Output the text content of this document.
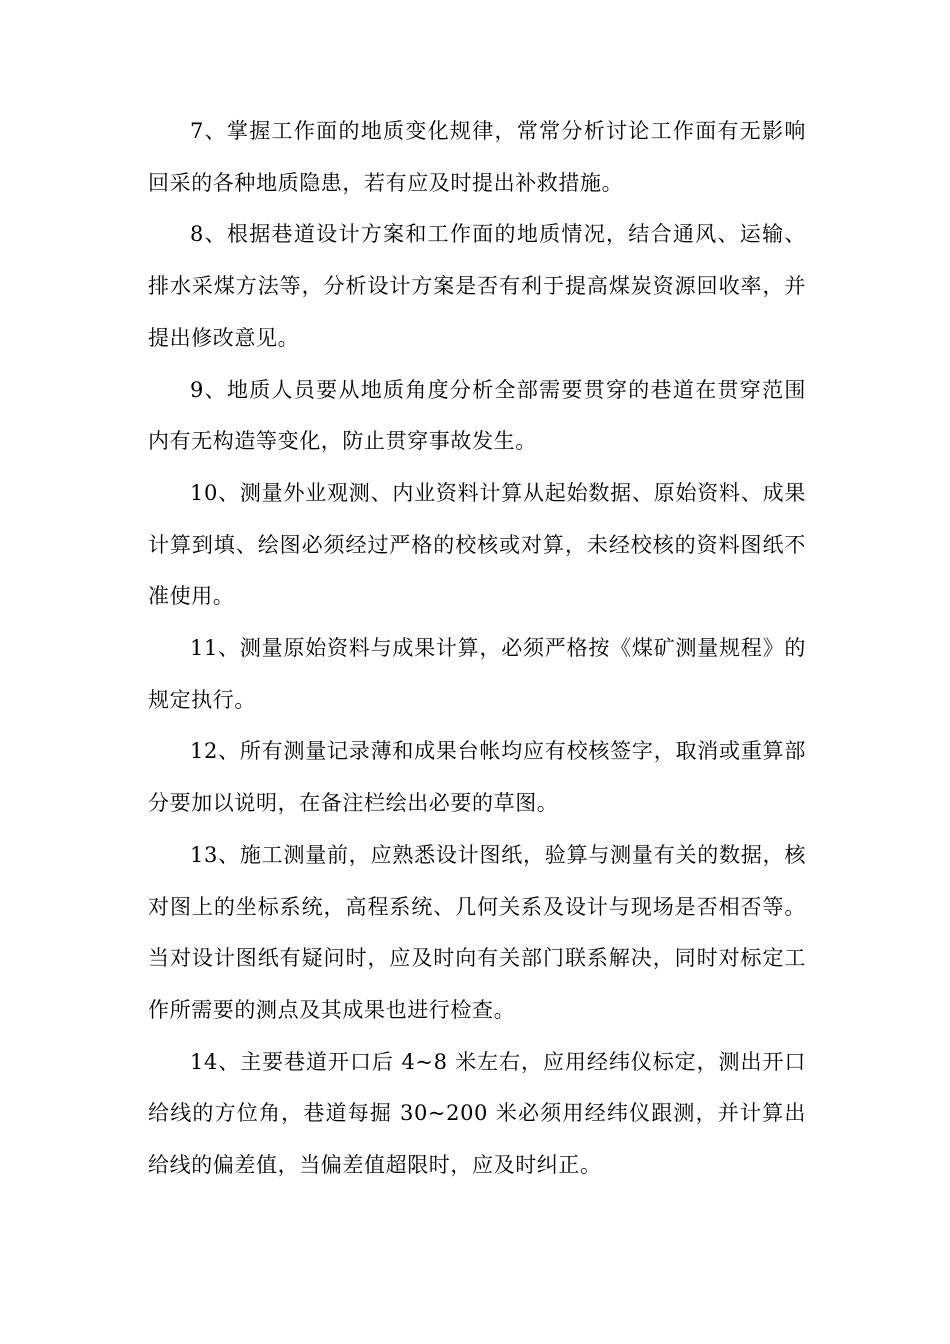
7、掌握工作面的地质变化规律，常常分析讨论工作面有无影响回采的各种地质隐患，若有应及时提出补救措施。

8、根据巷道设计方案和工作面的地质情况，结合通风、运输、排水采煤方法等，分析设计方案是否有利于提高煤炭资源回收率，并提出修改意见。

9、地质人员要从地质角度分析全部需要贯穿的巷道在贯穿范围内有无构造等变化，防止贯穿事故发生。

10、测量外业观测、内业资料计算从起始数据、原始资料、成果计算到填、绘图必须经过严格的校核或对算，未经校核的资料图纸不准使用。

11、测量原始资料与成果计算，必须严格按《煤矿测量规程》的规定执行。

12、所有测量记录薄和成果台帐均应有校核签字，取消或重算部分要加以说明，在备注栏绘出必要的草图。

13、施工测量前，应熟悉设计图纸，验算与测量有关的数据，核对图上的坐标系统，高程系统、几何关系及设计与现场是否相否等。当对设计图纸有疑问时，应及时向有关部门联系解决，同时对标定工作所需要的测点及其成果也进行检查。

14、主要巷道开口后 4~8 米左右，应用经纬仪标定，测出开口给线的方位角，巷道每掘 30~200 米必须用经纬仪跟测，并计算出给线的偏差值，当偏差值超限时，应及时纠正。
